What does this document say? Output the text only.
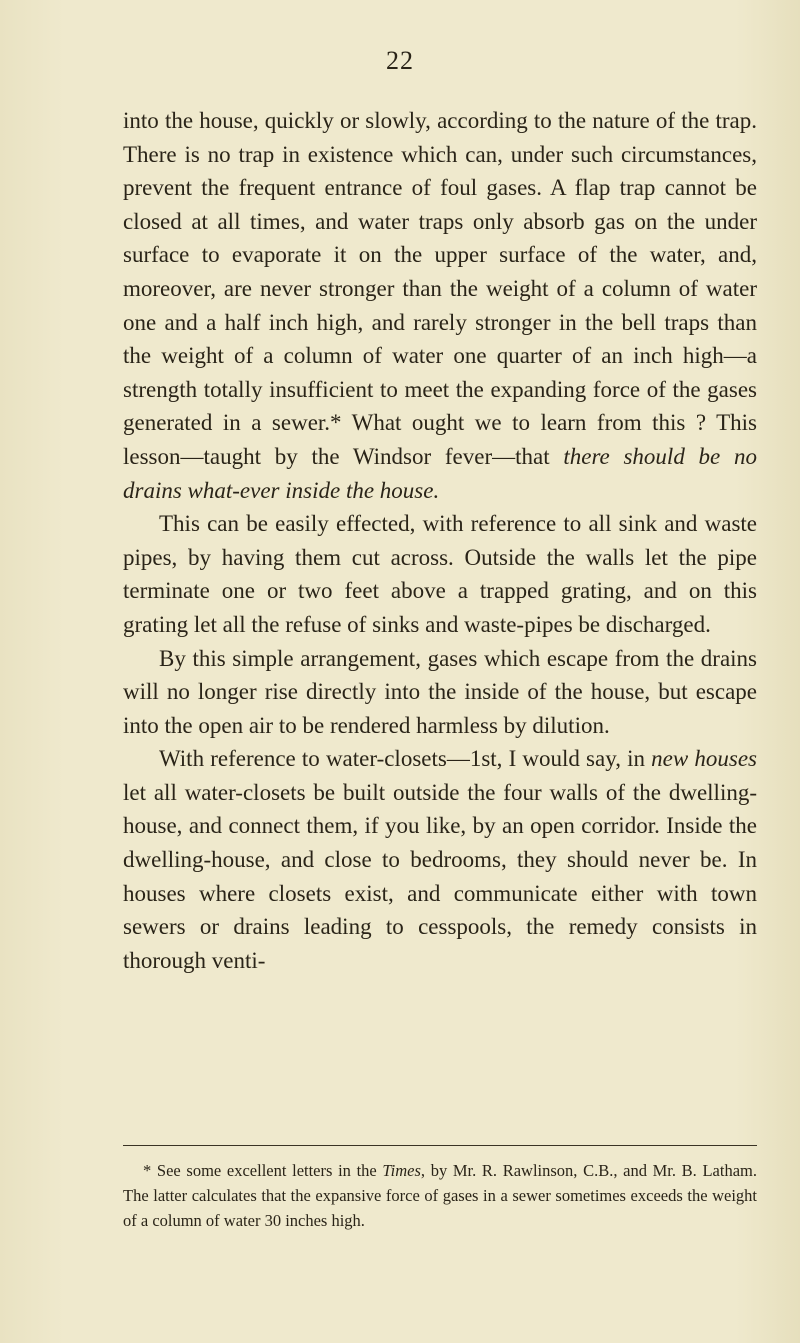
22

into the house, quickly or slowly, according to the nature of the trap. There is no trap in existence which can, under such circumstances, prevent the frequent entrance of foul gases. A flap trap cannot be closed at all times, and water traps only absorb gas on the under surface to evaporate it on the upper surface of the water, and, moreover, are never stronger than the weight of a column of water one and a half inch high, and rarely stronger in the bell traps than the weight of a column of water one quarter of an inch high—a strength totally insufficient to meet the expanding force of the gases generated in a sewer.* What ought we to learn from this ? This lesson—taught by the Windsor fever—that there should be no drains what-ever inside the house.

This can be easily effected, with reference to all sink and waste pipes, by having them cut across. Outside the walls let the pipe terminate one or two feet above a trapped grating, and on this grating let all the refuse of sinks and waste-pipes be discharged.

By this simple arrangement, gases which escape from the drains will no longer rise directly into the inside of the house, but escape into the open air to be rendered harmless by dilution.

With reference to water-closets—1st, I would say, in new houses let all water-closets be built outside the four walls of the dwelling-house, and connect them, if you like, by an open corridor. Inside the dwelling-house, and close to bedrooms, they should never be. In houses where closets exist, and communicate either with town sewers or drains leading to cesspools, the remedy consists in thorough venti-

* See some excellent letters in the Times, by Mr. R. Rawlinson, C.B., and Mr. B. Latham. The latter calculates that the expansive force of gases in a sewer sometimes exceeds the weight of a column of water 30 inches high.
